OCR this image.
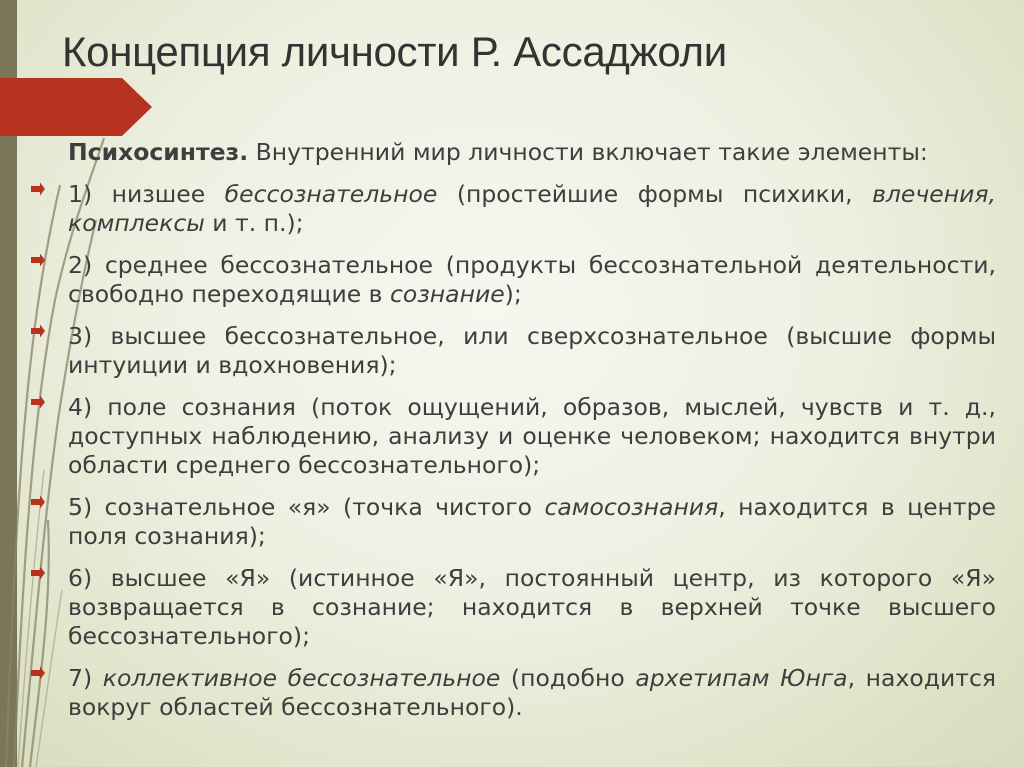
Концепция личности Р. Ассаджоли

Психосинтез. Внутренний мир личности включает такие элементы:

1) низшее бессознательное (простейшие формы психики, влечения, комплексы и т. п.);

2) среднее бессознательное (продукты бессознательной деятельности, свободно переходящие в сознание);

3) высшее бессознательное, или сверхсознательное (высшие формы интуиции и вдохновения);

4) поле сознания (поток ощущений, образов, мыслей, чувств и т. д., доступных наблюдению, анализу и оценке человеком; находится внутри области среднего бессознательного);

5) сознательное «я» (точка чистого самосознания, находится в центре поля сознания);

6) высшее «Я» (истинное «Я», постоянный центр, из которого «Я» возвращается в сознание; находится в верхней точке высшего бессознательного);

7) коллективное бессознательное (подобно архетипам Юнга, находится вокруг областей бессознательного).
